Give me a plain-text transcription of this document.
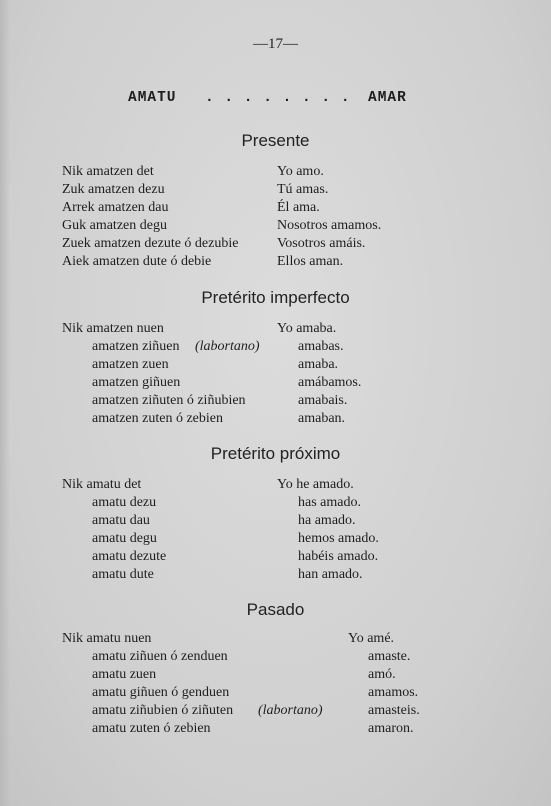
—17—
AMATU . . . . . . . . AMAR
Presente
Nik amatzen det	Yo amo.
Zuk amatzen dezu	Tú amas.
Arrek amatzen dau	Él ama.
Guk amatzen degu	Nosotros amamos.
Zuek amatzen dezute ó dezubie	Vosotros amáis.
Aiek amatzen dute ó debie	Ellos aman.
Pretérito imperfecto
Nik amatzen nuen	Yo amaba.
amatzen ziñuen (labortano)	amabas.
amatzen zuen	amaba.
amatzen giñuen	amábamos.
amatzen ziñuten ó ziñubien	amabais.
amatzen zuten ó zebien	amaban.
Pretérito próximo
Nik amatu det	Yo he amado.
amatu dezu	has amado.
amatu dau	ha amado.
amatu degu	hemos amado.
amatu dezute	habéis amado.
amatu dute	han amado.
Pasado
Nik amatu nuen	Yo amé.
amatu ziñuen ó zenduen	amaste.
amatu zuen	amó.
amatu giñuen ó genduen	amamos.
amatu ziñubien ó ziñuten (labortano)	amasteis.
amatu zuten ó zebien	amaron.
